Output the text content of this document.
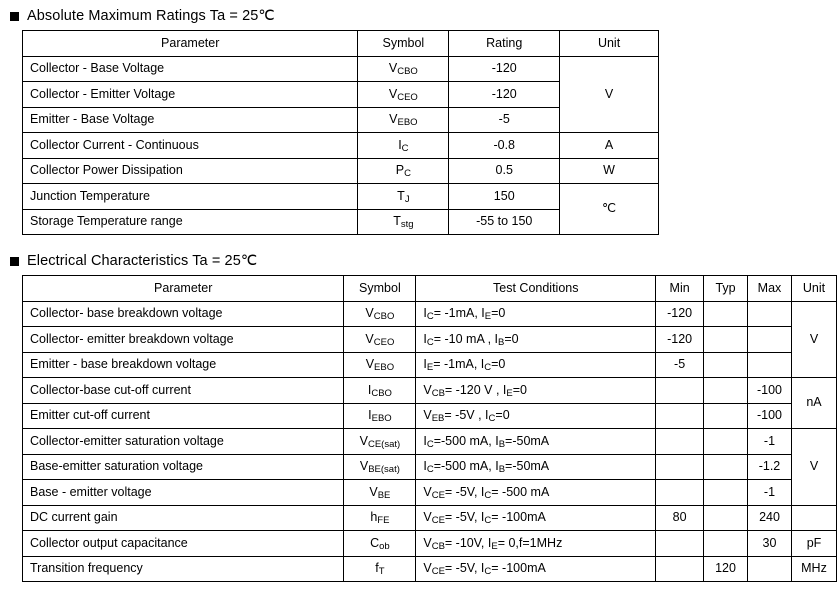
Absolute Maximum Ratings Ta = 25℃
Parameter	Symbol	Rating	Unit
Collector - Base Voltage	VCBO	-120	V
Collector - Emitter Voltage	VCEO	-120	
Emitter - Base Voltage	VEBO	-5	
Collector Current - Continuous	IC	-0.8	A
Collector Power Dissipation	PC	0.5	W
Junction Temperature	TJ	150	℃
Storage Temperature range	Tstg	-55 to 150	
Electrical Characteristics Ta = 25℃
Parameter	Symbol	Test Conditions	Min	Typ	Max	Unit
Collector- base breakdown voltage	VCBO	IC= -1mA, IE=0	-120			V
Collector- emitter breakdown voltage	VCEO	IC= -10 mA , IB=0	-120			
Emitter - base breakdown voltage	VEBO	IE= -1mA, IC=0	-5			
Collector-base cut-off current	ICBO	VCB= -120 V , IE=0			-100	nA
Emitter cut-off current	IEBO	VEB= -5V , IC=0			-100	
Collector-emitter saturation voltage	VCE(sat)	IC=-500 mA, IB=-50mA			-1	V
Base-emitter saturation voltage	VBE(sat)	IC=-500 mA, IB=-50mA			-1.2	
Base - emitter voltage	VBE	VCE= -5V, IC= -500 mA			-1	
DC current gain	hFE	VCE= -5V, IC= -100mA	80		240	
Collector output capacitance	Cob	VCB= -10V, IE= 0,f=1MHz			30	pF
Transition frequency	fT	VCE= -5V, IC= -100mA		120		MHz
